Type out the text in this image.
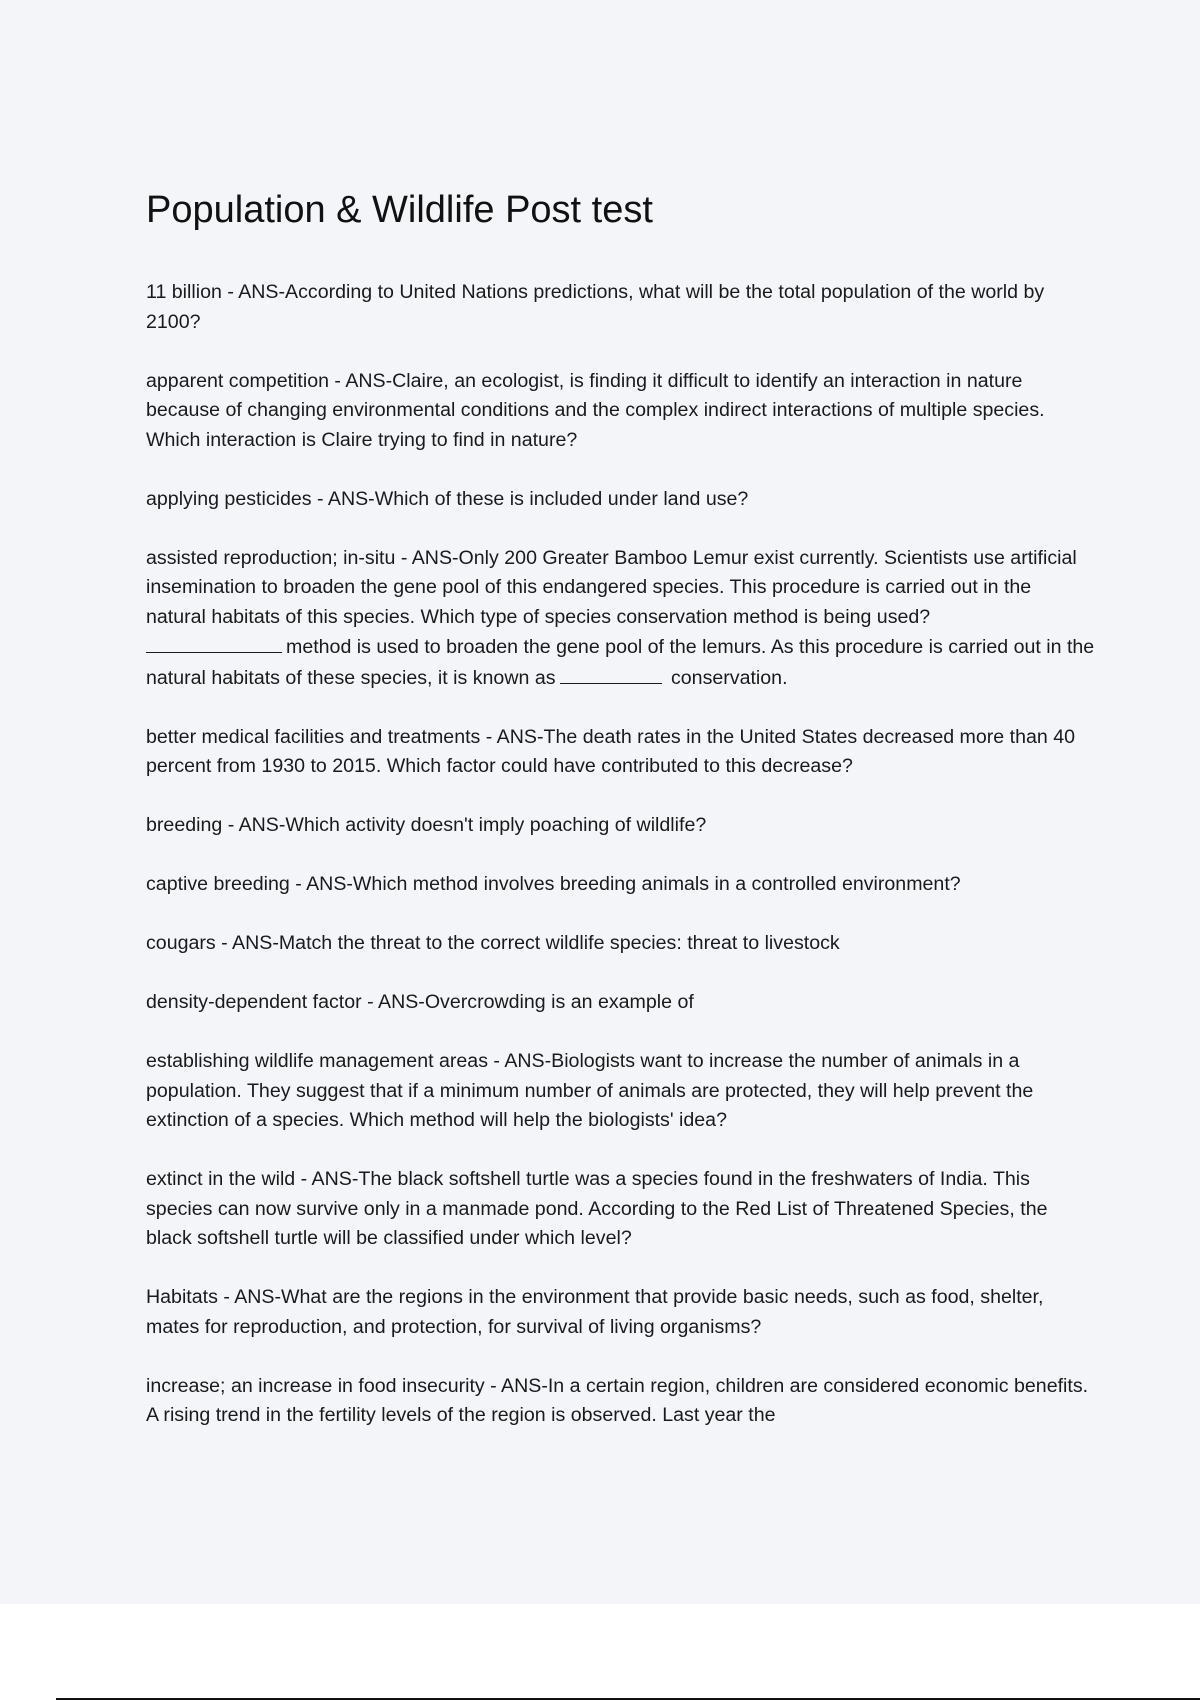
Population & Wildlife Post test

11 billion - ANS-According to United Nations predictions, what will be the total population of the world by 2100?

apparent competition - ANS-Claire, an ecologist, is finding it difficult to identify an interaction in nature because of changing environmental conditions and the complex indirect interactions of multiple species. Which interaction is Claire trying to find in nature?

applying pesticides - ANS-Which of these is included under land use?

assisted reproduction; in-situ - ANS-Only 200 Greater Bamboo Lemur exist currently. Scientists use artificial insemination to broaden the gene pool of this endangered species. This procedure is carried out in the natural habitats of this species. Which type of species conservation method is being used?
method is used to broaden the gene pool of the lemurs. As this procedure is carried out in the natural habitats of these species, it is known as	conservation.

better medical facilities and treatments - ANS-The death rates in the United States decreased more than 40 percent from 1930 to 2015. Which factor could have contributed to this decrease?

breeding - ANS-Which activity doesn't imply poaching of wildlife?

captive breeding - ANS-Which method involves breeding animals in a controlled environment?

cougars - ANS-Match the threat to the correct wildlife species: threat to livestock

density-dependent factor - ANS-Overcrowding is an example of

establishing wildlife management areas - ANS-Biologists want to increase the number of animals in a population. They suggest that if a minimum number of animals are protected, they will help prevent the extinction of a species. Which method will help the biologists' idea?

extinct in the wild - ANS-The black softshell turtle was a species found in the freshwaters of India. This species can now survive only in a manmade pond. According to the Red List of Threatened Species, the black softshell turtle will be classified under which level?

Habitats - ANS-What are the regions in the environment that provide basic needs, such as food, shelter, mates for reproduction, and protection, for survival of living organisms?

increase; an increase in food insecurity - ANS-In a certain region, children are considered economic benefits. A rising trend in the fertility levels of the region is observed. Last year the
